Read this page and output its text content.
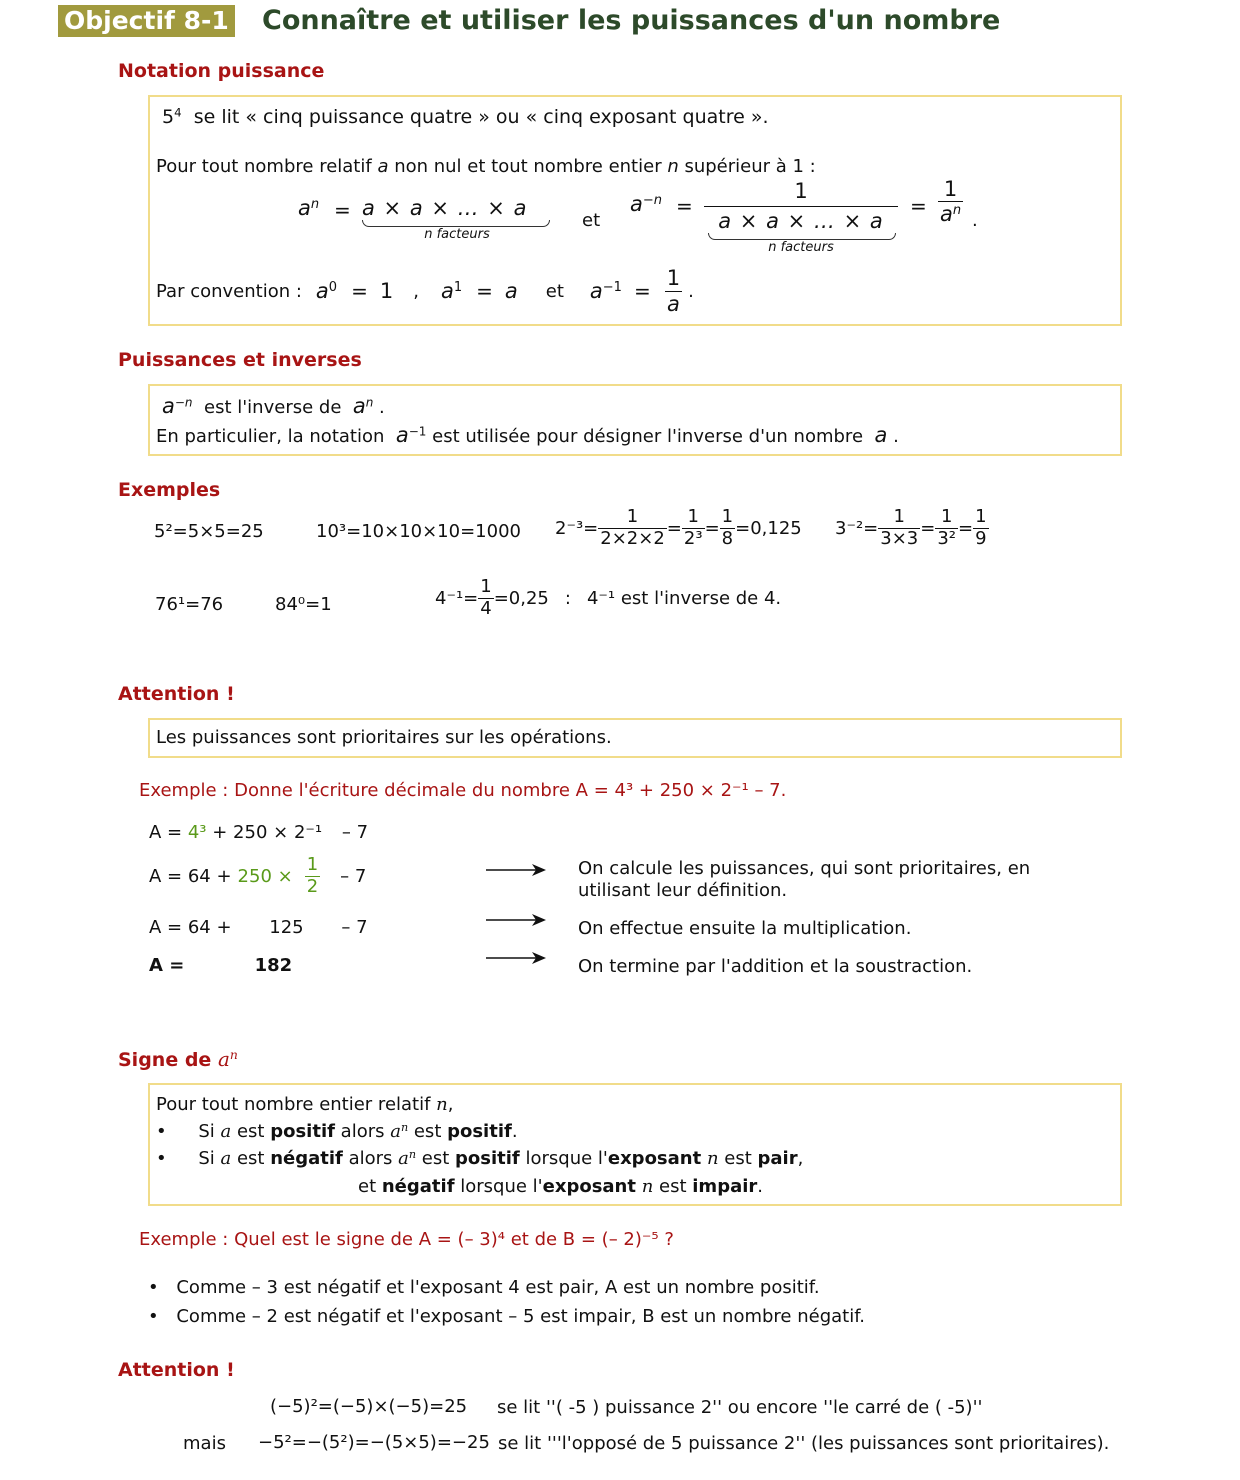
Objectif 8-1 Connaître et utiliser les puissances d'un nombre
Notation puissance
$5^4$ se lit « cinq puissance quatre » ou « cinq exposant quatre ».
Pour tout nombre relatif a non nul et tout nombre entier n supérieur à 1 :
$a^n = a \times a$ × … × a
n facteurs
et
$a^{-n}$ =
1
a × a × … × a
n facteurs
= $\frac{1}{a^n}$ .
Par convention : $a^0 = 1$ , $a^1 = a$ et $a^{-1} = \frac{1}{a}$ .
Puissances et inverses
$a^{-n}$ est l'inverse de $a^n$ .
En particulier, la notation $a^{-1}$ est utilisée pour désigner l'inverse d'un nombre a .
Exemples
5²=5×5=25	10³=10×10×10=1000 $2^{-3}= \frac{1}{2\times 2\times 2} = \frac{1}{\text{2³}} = \frac{1}{8} =0,125$ $3^{-2}= \frac{1}{3\times 3} = \frac{1}{\text{3²}} = \frac{1}{9}$
76¹=76	84⁰=1	$4^{-1}= \frac{1}{4} =0,25$ : 4⁻¹ est l'inverse de 4.
Attention !
Les puissances sont prioritaires sur les opérations.
Exemple : Donne l'écriture décimale du nombre A = 4³ + 250 × 2⁻¹ – 7.
A = 4³ + 250 × 2⁻¹ – 7
$A = 64 + 250 \times \frac{1}{2} - 7$
A = 64 + 125 – 7
A =	182
On calcule les puissances, qui sont prioritaires, en utilisant leur définition.
On effectue ensuite la multiplication.
On termine par l'addition et la soustraction.
Signe de $a^n$
Pour tout nombre entier relatif n,
• Si a est positif alors $a^n$ est positif.
• Si a est négatif alors $a^n$ est positif lorsque l'exposant n est pair,
et négatif lorsque l'exposant n est impair.
Exemple : Quel est le signe de A = (– 3)⁴ et de B = (– 2)⁻⁵ ?
• Comme – 3 est négatif et l'exposant 4 est pair, A est un nombre positif.
• Comme – 2 est négatif et l'exposant – 5 est impair, B est un nombre négatif.
Attention !
(−5)²=(−5)×(−5)=25 se lit ''( -5 ) puissance 2'' ou encore ''le carré de ( -5)''
mais −5²=−(5²)=−(5×5)=−25 se lit '''l'opposé de 5 puissance 2'' (les puissances sont prioritaires).
